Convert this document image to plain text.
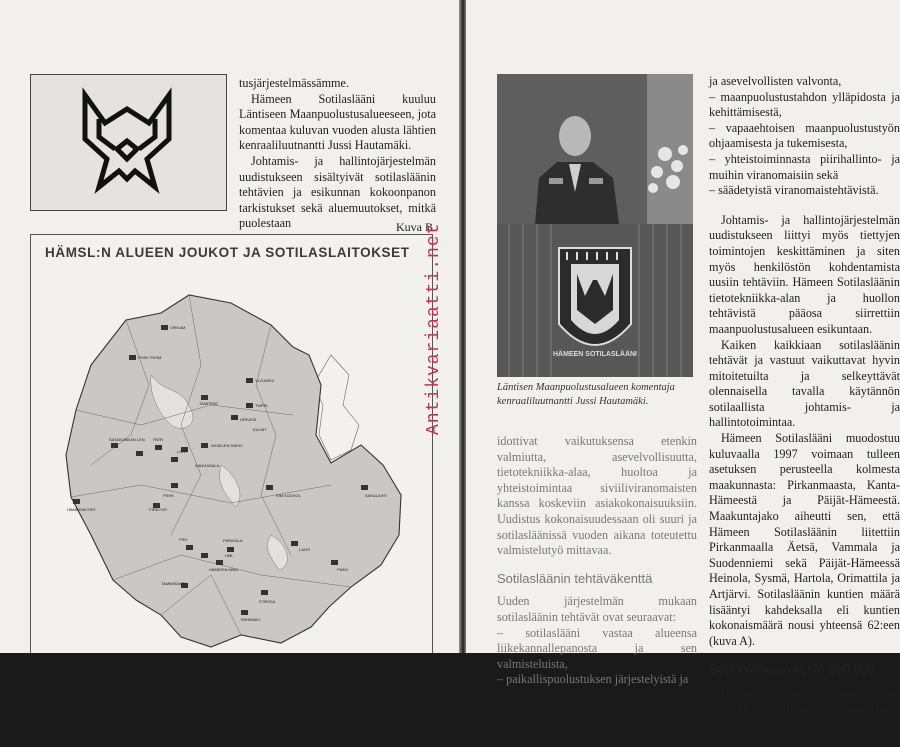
tusjärjestelmässämme.

Hämeen Sotilaslääni kuuluu Läntiseen Maanpuolustusalueeseen, jota komentaa kuluvan vuoden alusta lähtien kenraaliluutnantti Jussi Hautamäki.

Johtamis- ja hallintojärjestelmän uudistukseen sisältyivät sotilasläänin tehtävien ja esikunnan kokoonpanon tarkistukset sekä aluemuutokset, mitkä puolestaan	Kuva B
HÄMSL:N ALUEEN JOUKOT JA SOTILASLAITOKSET
VIRKAM
PHSK PKSM
YLÖJÄRVI
TAMPERE	TMPRL
SATAKUNNAN LEN. PATR
LAIVT
KANGASALA
AKSELEN RÄKKI
ORIVESI
KULMT
PIRKOVR
HÄMEENKYRÖ
PSH	PIRKKALA
HML
HÄMEENLINNA
RIIHIMÄKI
TAMMISAARI
LAHTI
FORSSA
KIM KOUVOL
PSHK
PMKV
SAKALAHTI
Antikvariaatti.net	HÄMEEN SOTILASLÄÄNI
Läntisen Maanpuolustusalueen komentaja kenraaliluutnantti Jussi Hautamäki.

idottivat vaikutuksensa etenkin valmiutta, asevelvollisuutta, tietotekniikka-alaa, huoltoa ja yhteistoimintaa siviiliviranomaisten kanssa koskeviin asiakokonaisuuksiin. Uudistus kokonaisuudessaan oli suuri ja sotilasläänissä vuoden aikana toteutettu valmistelutyö mittavaa.

Sotilasläänin tehtäväkenttä

Uuden järjestelmän mukaan sotilasläänin tehtävät ovat seuraavat:

– sotilaslääni vastaa alueensa liikekannallepanosta ja sen valmisteluista,

– paikallispuolustuksen järjestelyistä ja

ja asevelvollisten valvonta,

– maanpuolustustahdon ylläpidosta ja kehittämisestä,

– vapaaehtoisen maanpuolustustyön ohjaamisesta ja tukemisesta,

– yhteistoiminnasta piirihallinto- ja muihin viranomaisiin sekä

– säädetyistä viranomaistehtävistä.

Johtamis- ja hallintojärjestelmän uudistukseen liittyi myös tiettyjen toimintojen keskittäminen ja siten myös henkilöstön kohdentamista uusiin tehtäviin. Hämeen Sotilasläänin tietotekniikka-alan ja huollon tehtävistä pääosa siirrettiin maanpuolustusalueen esikuntaan.

Kaiken kaikkiaan sotilasläänin tehtävät ja vastuut vaikuttavat hyvin mitoitetuilta ja selkeyttävät olennaisella tavalla käytännön sotilaallista johtamis- ja hallintotoimintaa.

Hämeen Sotilaslääni muodostuu kuluvaalla 1997 voimaan tulleen asetuksen perusteella kolmesta maakunnasta: Pirkanmaasta, Kanta-Hämeestä ja Päijät-Hämeestä. Maakuntajako aiheutti sen, että Hämeen Sotilasläänin liitettiin Pirkanmaalla Äetsä, Vammala ja Suodenniemi sekä Päijät-Hämeessä Heinola, Sysmä, Hartola, Orimattila ja Artjärvi. Sotilasläänin kuntien määrä lisääntyi kahdeksalla eli kuntien kokonaismäärä nousi yhteensä 62:een (kuva A).

Sotilasläänin väestö 800 000

Hämeen Sotilasläänin laajeneminen 26 000 neliökilometriin aiheutti sen, että alueella asuvan väestön määrä nousi
